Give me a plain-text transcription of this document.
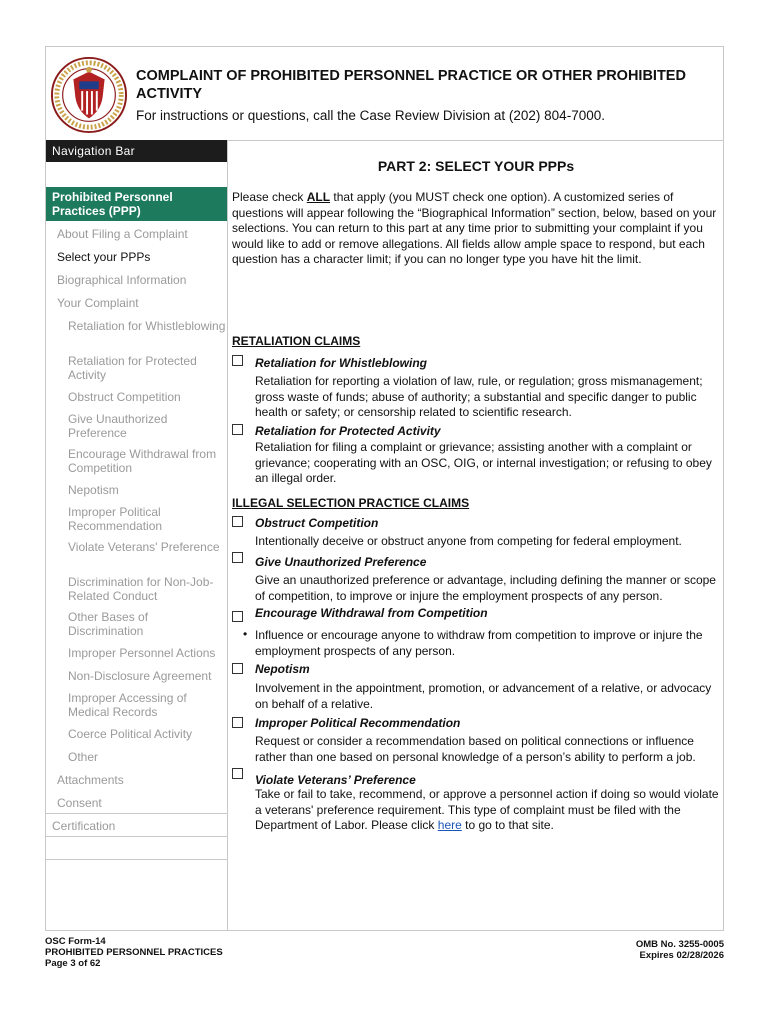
COMPLAINT OF PROHIBITED PERSONNEL PRACTICE OR OTHER PROHIBITED ACTIVITY
For instructions or questions, call the Case Review Division at (202) 804-7000.
Navigation Bar
Prohibited Personnel Practices (PPP)
About Filing a Complaint
Select your PPPs
Biographical Information
Your Complaint
Retaliation for Whistleblowing
Retaliation for Protected Activity
Obstruct Competition
Give Unauthorized Preference
Encourage Withdrawal from Competition
Nepotism
Improper Political Recommendation
Violate Veterans' Preference
Discrimination for Non-Job-Related Conduct
Other Bases of Discrimination
Improper Personnel Actions
Non-Disclosure Agreement
Improper Accessing of Medical Records
Coerce Political Activity
Other
Attachments
Consent
Certification
PART 2: SELECT YOUR PPPs
Please check ALL that apply (you MUST check one option). A customized series of questions will appear following the “Biographical Information” section, below, based on your selections. You can return to this part at any time prior to submitting your complaint if you would like to add or remove allegations. All fields allow ample space to respond, but each question has a character limit; if you can no longer type you have hit the limit.
RETALIATION CLAIMS
Retaliation for Whistleblowing
Retaliation for reporting a violation of law, rule, or regulation; gross mismanagement; gross waste of funds; abuse of authority; a substantial and specific danger to public health or safety; or censorship related to scientific research.
Retaliation for Protected Activity
Retaliation for filing a complaint or grievance; assisting another with a complaint or grievance; cooperating with an OSC, OIG, or internal investigation; or refusing to obey an illegal order.
ILLEGAL SELECTION PRACTICE CLAIMS
Obstruct Competition
Intentionally deceive or obstruct anyone from competing for federal employment.
Give Unauthorized Preference
Give an unauthorized preference or advantage, including defining the manner or scope of competition, to improve or injure the employment prospects of any person.
Encourage Withdrawal from Competition
• Influence or encourage anyone to withdraw from competition to improve or injure the employment prospects of any person.
Nepotism
Involvement in the appointment, promotion, or advancement of a relative, or advocacy on behalf of a relative.
Improper Political Recommendation
Request or consider a recommendation based on political connections or influence rather than one based on personal knowledge of a person’s ability to perform a job.
Violate Veterans’ Preference
Take or fail to take, recommend, or approve a personnel action if doing so would violate a veterans' preference requirement. This type of complaint must be filed with the Department of Labor. Please click here to go to that site.
OSC Form-14
PROHIBITED PERSONNEL PRACTICES
Page 3 of 62
OMB No. 3255-0005
Expires 02/28/2026
